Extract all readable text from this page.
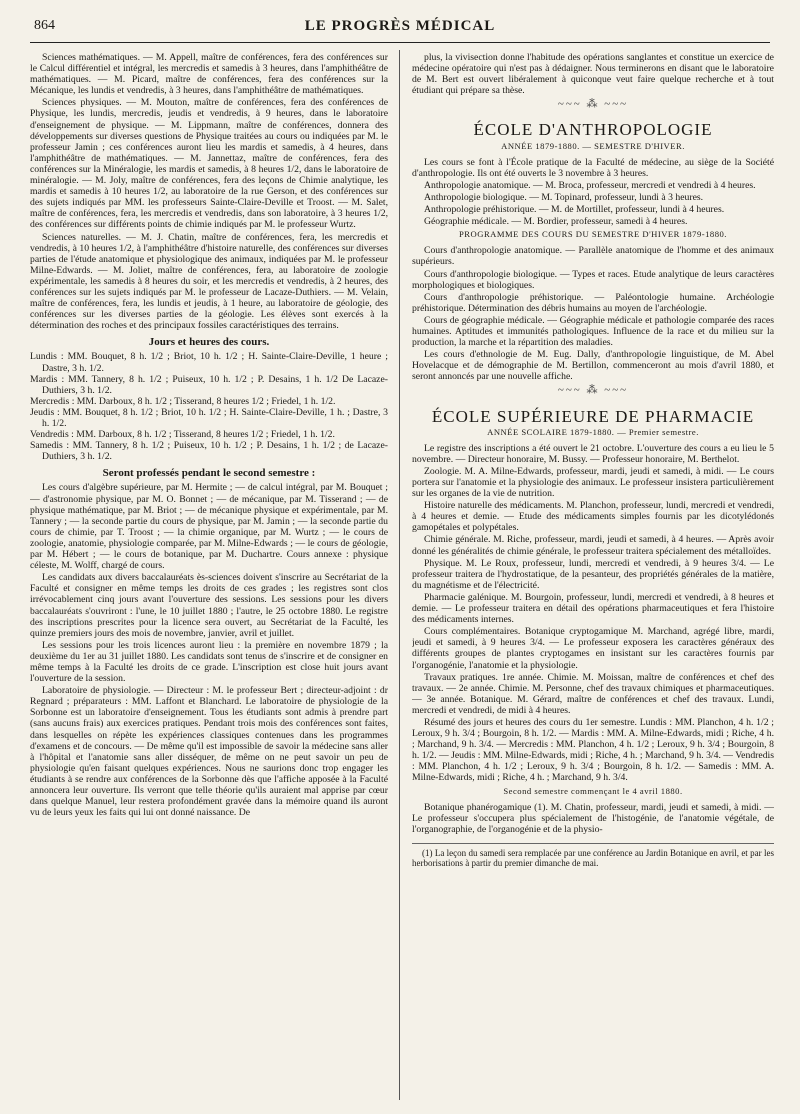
864	LE PROGRÈS MÉDICAL

Sciences mathématiques. — M. Appell, maître de conférences, fera des conférences sur le Calcul différentiel et intégral, les mercredis et samedis à 3 heures, dans l'amphithéâtre de mathématiques. — M. Picard, maître de conférences, fera des conférences sur la Mécanique, les lundis et vendredis, à 3 heures, dans l'amphithéâtre de mathématiques.

Sciences physiques. — M. Mouton, maître de conférences, fera des conférences de Physique, les lundis, mercredis, jeudis et vendredis, à 9 heures, dans le laboratoire d'enseignement de physique. — M. Lippmann, maître de conférences, donnera des développements sur diverses questions de Physique traitées au cours ou indiquées par M. le professeur Jamin ; ces conférences auront lieu les mardis et samedis, à 4 heures, dans l'amphithéâtre de mathématiques. — M. Jannettaz, maître de conférences, fera des conférences sur la Minéralogie, les mardis et samedis, à 8 heures 1/2, dans le laboratoire de minéralogie. — M. Joly, maître de conférences, fera des leçons de Chimie analytique, les mardis et samedis à 10 heures 1/2, au laboratoire de la rue Gerson, et des conférences sur des sujets indiqués par MM. les professeurs Sainte-Claire-Deville et Troost. — M. Salet, maître de conférences, fera, les mercredis et vendredis, dans son laboratoire, à 3 heures 1/2, des conférences sur différents points de chimie indiqués par M. le professeur Wurtz.

Sciences naturelles. — M. J. Chatin, maître de conférences, fera, les mercredis et vendredis, à 10 heures 1/2, à l'amphithéâtre d'histoire naturelle, des conférences sur diverses parties de l'étude anatomique et physiologique des animaux, indiquées par M. le professeur Milne-Edwards. — M. Joliet, maître de conférences, fera, au laboratoire de zoologie expérimentale, les samedis à 8 heures du soir, et les mercredis et vendredis, à 2 heures, des conférences sur les sujets indiqués par M. le professeur de Lacaze-Duthiers. — M. Velain, maître de conférences, fera, les lundis et jeudis, à 1 heure, au laboratoire de géologie, des conférences sur les diverses parties de la géologie. Les élèves sont exercés à la détermination des roches et des principaux fossiles caractéristiques des terrains.

Jours et heures des cours.

Lundis : MM. Bouquet, 8 h. 1/2 ; Briot, 10 h. 1/2 ; H. Sainte-Claire-Deville, 1 heure ; Dastre, 3 h. 1/2.

Mardis : MM. Tannery, 8 h. 1/2 ; Puiseux, 10 h. 1/2 ; P. Desains, 1 h. 1/2 De Lacaze-Duthiers, 3 h. 1/2.

Mercredis : MM. Darboux, 8 h. 1/2 ; Tisserand, 8 heures 1/2 ; Friedel, 1 h. 1/2.

Jeudis : MM. Bouquet, 8 h. 1/2 ; Briot, 10 h. 1/2 ; H. Sainte-Claire-Deville, 1 h. ; Dastre, 3 h. 1/2.

Vendredis : MM. Darboux, 8 h. 1/2 ; Tisserand, 8 heures 1/2 ; Friedel, 1 h. 1/2.

Samedis : MM. Tannery, 8 h. 1/2 ; Puiseux, 10 h. 1/2 ; P. Desains, 1 h. 1/2 ; de Lacaze-Duthiers, 3 h. 1/2.

Seront professés pendant le second semestre :

Les cours d'algèbre supérieure, par M. Hermite ; — de calcul intégral, par M. Bouquet ; — d'astronomie physique, par M. O. Bonnet ; — de mécanique, par M. Tisserand ; — de physique mathématique, par M. Briot ; — de mécanique physique et expérimentale, par M. Tannery ; — la seconde partie du cours de physique, par M. Jamin ; — la seconde partie du cours de chimie, par T. Troost ; — la chimie organique, par M. Wurtz ; — le cours de zoologie, anatomie, physiologie comparée, par M. Milne-Edwards ; — le cours de géologie, par M. Hébert ; — le cours de botanique, par M. Duchartre. Cours annexe : physique céleste, M. Wolff, chargé de cours.

Les candidats aux divers baccalauréats ès-sciences doivent s'inscrire au Secrétariat de la Faculté et consigner en même temps les droits de ces grades ; les registres sont clos irrévocablement cinq jours avant l'ouverture des sessions. Les sessions pour les divers baccalauréats s'ouvriront : l'une, le 10 juillet 1880 ; l'autre, le 25 octobre 1880. Le registre des inscriptions prescrites pour la licence sera ouvert, au Secrétariat de la Faculté, les quinze premiers jours des mois de novembre, janvier, avril et juillet.

Les sessions pour les trois licences auront lieu : la première en novembre 1879 ; la deuxième du 1er au 31 juillet 1880. Les candidats sont tenus de s'inscrire et de consigner en même temps à la Faculté les droits de ce grade. L'inscription est close huit jours avant l'ouverture de la session.

Laboratoire de physiologie. — Directeur : M. le professeur Bert ; directeur-adjoint : dr Regnard ; préparateurs : MM. Laffont et Blanchard. Le laboratoire de physiologie de la Sorbonne est un laboratoire d'enseignement. Tous les étudiants sont admis à prendre part (sans aucuns frais) aux exercices pratiques. Pendant trois mois des conférences sont faites, dans lesquelles on répète les expériences classiques contenues dans les programmes d'examens et de concours. — De même qu'il est impossible de savoir la médecine sans aller à l'hôpital et l'anatomie sans aller disséquer, de même on ne peut savoir un peu de physiologie qu'en faisant quelques expériences. Nous ne saurions donc trop engager les étudiants à se rendre aux conférences de la Sorbonne dès que l'affiche apposée à la Faculté annoncera leur ouverture. Ils verront que telle théorie qu'ils auraient mal apprise par cœur dans quelque Manuel, leur restera profondément gravée dans la mémoire quand ils auront vu de leurs yeux les faits qui lui ont donné naissance. De

plus, la vivisection donne l'habitude des opérations sanglantes et constitue un exercice de médecine opératoire qui n'est pas à dédaigner. Nous terminerons en disant que le laboratoire de M. Bert est ouvert libéralement à quiconque veut faire quelque recherche et à tout étudiant qui prépare sa thèse.

~~~ ⁂ ~~~
ÉCOLE D'ANTHROPOLOGIE
ANNÉE 1879-1880. — SEMESTRE D'HIVER.

Les cours se font à l'École pratique de la Faculté de médecine, au siège de la Société d'anthropologie. Ils ont été ouverts le 3 novembre à 3 heures.

Anthropologie anatomique. — M. Broca, professeur, mercredi et vendredi à 4 heures.

Anthropologie biologique. — M. Topinard, professeur, lundi à 3 heures.

Anthropologie préhistorique. — M. de Mortillet, professeur, lundi à 4 heures.

Géographie médicale. — M. Bordier, professeur, samedi à 4 heures.

PROGRAMME DES COURS DU SEMESTRE D'HIVER 1879-1880.

Cours d'anthropologie anatomique. — Parallèle anatomique de l'homme et des animaux supérieurs.

Cours d'anthropologie biologique. — Types et races. Etude analytique de leurs caractères morphologiques et biologiques.

Cours d'anthropologie préhistorique. — Paléontologie humaine. Archéologie préhistorique. Détermination des débris humains au moyen de l'archéologie.

Cours de géographie médicale. — Géographie médicale et pathologie comparée des races humaines. Aptitudes et immunités pathologiques. Influence de la race et du milieu sur la production, la marche et la répartition des maladies.

Les cours d'ethnologie de M. Eug. Dally, d'anthropologie linguistique, de M. Abel Hovelacque et de démographie de M. Bertillon, commenceront au mois d'avril 1880, et seront annoncés par une nouvelle affiche.

~~~ ⁂ ~~~
ÉCOLE SUPÉRIEURE DE PHARMACIE
ANNÉE SCOLAIRE 1879-1880. — Premier semestre.

Le registre des inscriptions a été ouvert le 21 octobre. L'ouverture des cours a eu lieu le 5 novembre. — Directeur honoraire, M. Bussy. — Professeur honoraire, M. Berthelot.

Zoologie. M. A. Milne-Edwards, professeur, mardi, jeudi et samedi, à midi. — Le cours portera sur l'anatomie et la physiologie des animaux. Le professeur insistera particulièrement sur les organes de la vie de nutrition.

Histoire naturelle des médicaments. M. Planchon, professeur, lundi, mercredi et vendredi, à 4 heures et demie. — Etude des médicaments simples fournis par les dicotylédonés gamopétales et polypétales.

Chimie générale. M. Riche, professeur, mardi, jeudi et samedi, à 4 heures. — Après avoir donné les généralités de chimie générale, le professeur traitera spécialement des métalloïdes.

Physique. M. Le Roux, professeur, lundi, mercredi et vendredi, à 9 heures 3/4. — Le professeur traitera de l'hydrostatique, de la pesanteur, des propriétés générales de la matière, du magnétisme et de l'électricité.

Pharmacie galénique. M. Bourgoin, professeur, lundi, mercredi et vendredi, à 8 heures et demie. — Le professeur traitera en détail des opérations pharmaceutiques et fera l'histoire des médicaments internes.

Cours complémentaires. Botanique cryptogamique M. Marchand, agrégé libre, mardi, jeudi et samedi, à 9 heures 3/4. — Le professeur exposera les caractères généraux des différents groupes de plantes cryptogames en insistant sur les caractères fournis par l'organogénie, l'anatomie et la physiologie.

Travaux pratiques. 1re année. Chimie. M. Moissan, maître de conférences et chef des travaux. — 2e année. Chimie. M. Personne, chef des travaux chimiques et pharmaceutiques. — 3e année. Botanique. M. Gérard, maître de conférences et chef des travaux. Lundi, mercredi et vendredi, de midi à 4 heures.

Résumé des jours et heures des cours du 1er semestre. Lundis : MM. Planchon, 4 h. 1/2 ; Leroux, 9 h. 3/4 ; Bourgoin, 8 h. 1/2. — Mardis : MM. A. Milne-Edwards, midi ; Riche, 4 h. ; Marchand, 9 h. 3/4. — Mercredis : MM. Planchon, 4 h. 1/2 ; Leroux, 9 h. 3/4 ; Bourgoin, 8 h. 1/2. — Jeudis : MM. Milne-Edwards, midi ; Riche, 4 h. ; Marchand, 9 h. 3/4. — Vendredis : MM. Planchon, 4 h. 1/2 ; Leroux, 9 h. 3/4 ; Bourgoin, 8 h. 1/2. — Samedis : MM. A. Milne-Edwards, midi ; Riche, 4 h. ; Marchand, 9 h. 3/4.

Second semestre commençant le 4 avril 1880.

Botanique phanérogamique (1). M. Chatin, professeur, mardi, jeudi et samedi, à midi. — Le professeur s'occupera plus spécialement de l'histogénie, de l'anatomie végétale, de l'organographie, de l'organogénie et de la physio-

(1) La leçon du samedi sera remplacée par une conférence au Jardin Botanique en avril, et par les herborisations à partir du premier dimanche de mai.
